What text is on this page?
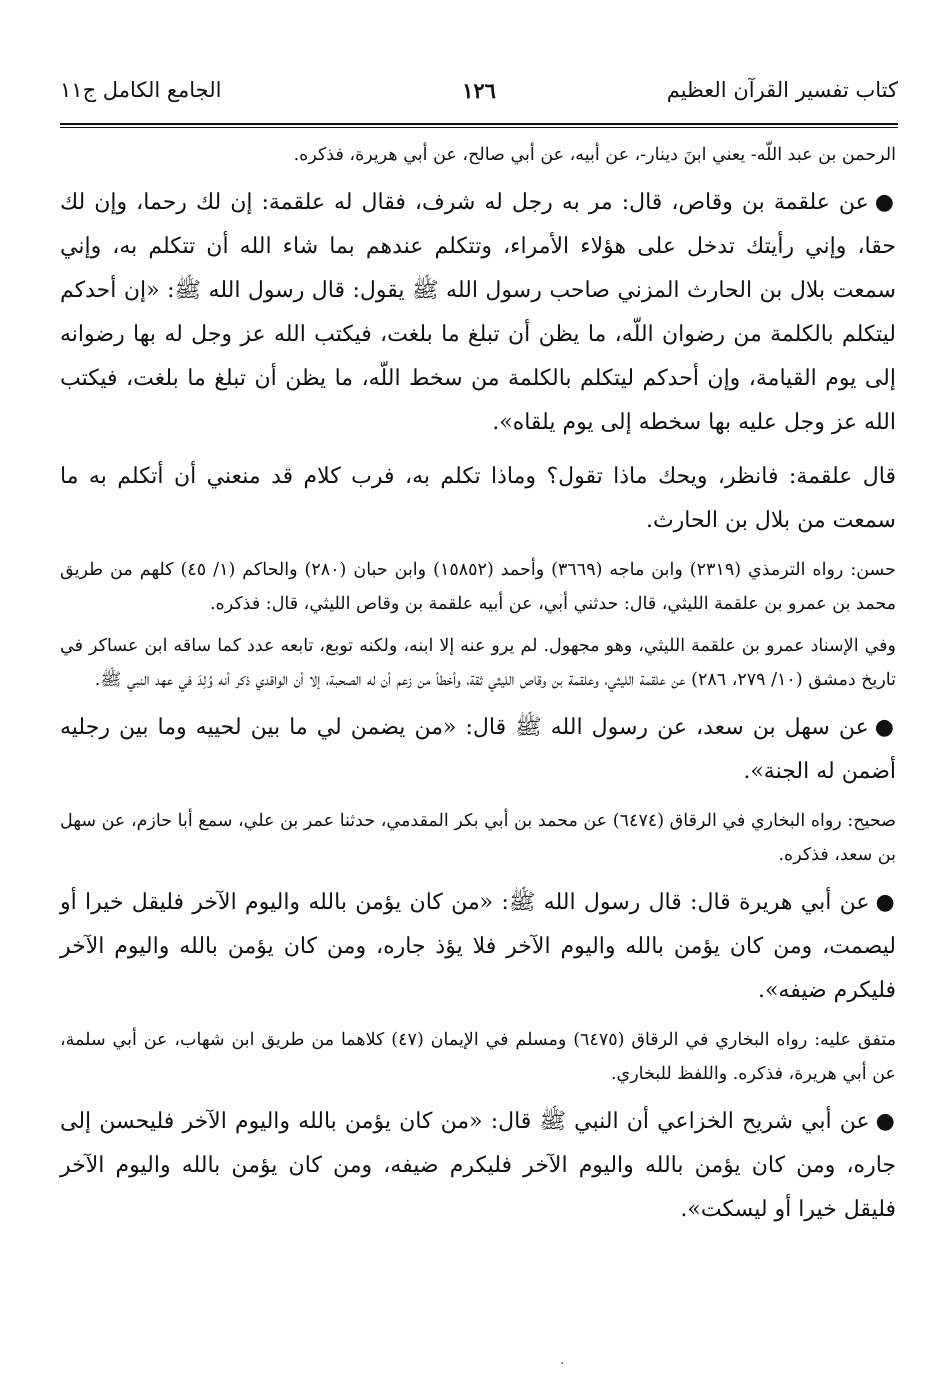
كتاب تفسير القرآن العظيم
١٢٦
الجامع الكامل ج١١

الرحمن بن عبد اللّه- يعني ابنَ دينار-، عن أبيه، عن أبي صالح، عن أبي هريرة، فذكره.

●عن علقمة بن وقاص، قال: مر به رجل له شرف، فقال له علقمة: إن لك رحما، وإن لك حقا، وإني رأيتك تدخل على هؤلاء الأمراء، وتتكلم عندهم بما شاء الله أن تتكلم به، وإني سمعت بلال بن الحارث المزني صاحب رسول الله ﷺ يقول: قال رسول الله ﷺ: «إن أحدكم ليتكلم بالكلمة من رضوان اللّه، ما يظن أن تبلغ ما بلغت، فيكتب الله عز وجل له بها رضوانه إلى يوم القيامة، وإن أحدكم ليتكلم بالكلمة من سخط اللّه، ما يظن أن تبلغ ما بلغت، فيكتب الله عز وجل عليه بها سخطه إلى يوم يلقاه».

قال علقمة: فانظر، ويحك ماذا تقول؟ وماذا تكلم به، فرب كلام قد منعني أن أتكلم به ما سمعت من بلال بن الحارث.

حسن: رواه الترمذي (٢٣١٩) وابن ماجه (٣٦٦٩) وأحمد (١٥٨٥٢) وابن حبان (٢٨٠) والحاكم (١/ ٤٥) كلهم من طريق محمد بن عمرو بن علقمة الليثي، قال: حدثني أبي، عن أبيه علقمة بن وقاص الليثي، قال: فذكره.

وفي الإسناد عمرو بن علقمة الليثي، وهو مجهول. لم يرو عنه إلا ابنه، ولكنه توبع، تابعه عدد كما ساقه ابن عساكر في تاريخ دمشق (١٠/ ٢٧٩، ٢٨٦) عن علقمة الليثي، وعلقمة بن وقاص الليثي ثقة، وأخطأ من زعم أن له الصحبة، إلا أن الواقدي ذكر أنه وُلِدَ في عهد النبي ﷺ.

●عن سهل بن سعد، عن رسول الله ﷺ قال: «من يضمن لي ما بين لحييه وما بين رجليه أضمن له الجنة».

صحيح: رواه البخاري في الرقاق (٦٤٧٤) عن محمد بن أبي بكر المقدمي، حدثنا عمر بن علي، سمع أبا حازم، عن سهل بن سعد، فذكره.

●عن أبي هريرة قال: قال رسول الله ﷺ: «من كان يؤمن بالله واليوم الآخر فليقل خيرا أو ليصمت، ومن كان يؤمن بالله واليوم الآخر فلا يؤذ جاره، ومن كان يؤمن بالله واليوم الآخر فليكرم ضيفه».

متفق عليه: رواه البخاري في الرقاق (٦٤٧٥) ومسلم في الإيمان (٤٧) كلاهما من طريق ابن شهاب، عن أبي سلمة، عن أبي هريرة، فذكره. واللفظ للبخاري.

●عن أبي شريح الخزاعي أن النبي ﷺ قال: «من كان يؤمن بالله واليوم الآخر فليحسن إلى جاره، ومن كان يؤمن بالله واليوم الآخر فليكرم ضيفه، ومن كان يؤمن بالله واليوم الآخر فليقل خيرا أو ليسكت».

·
